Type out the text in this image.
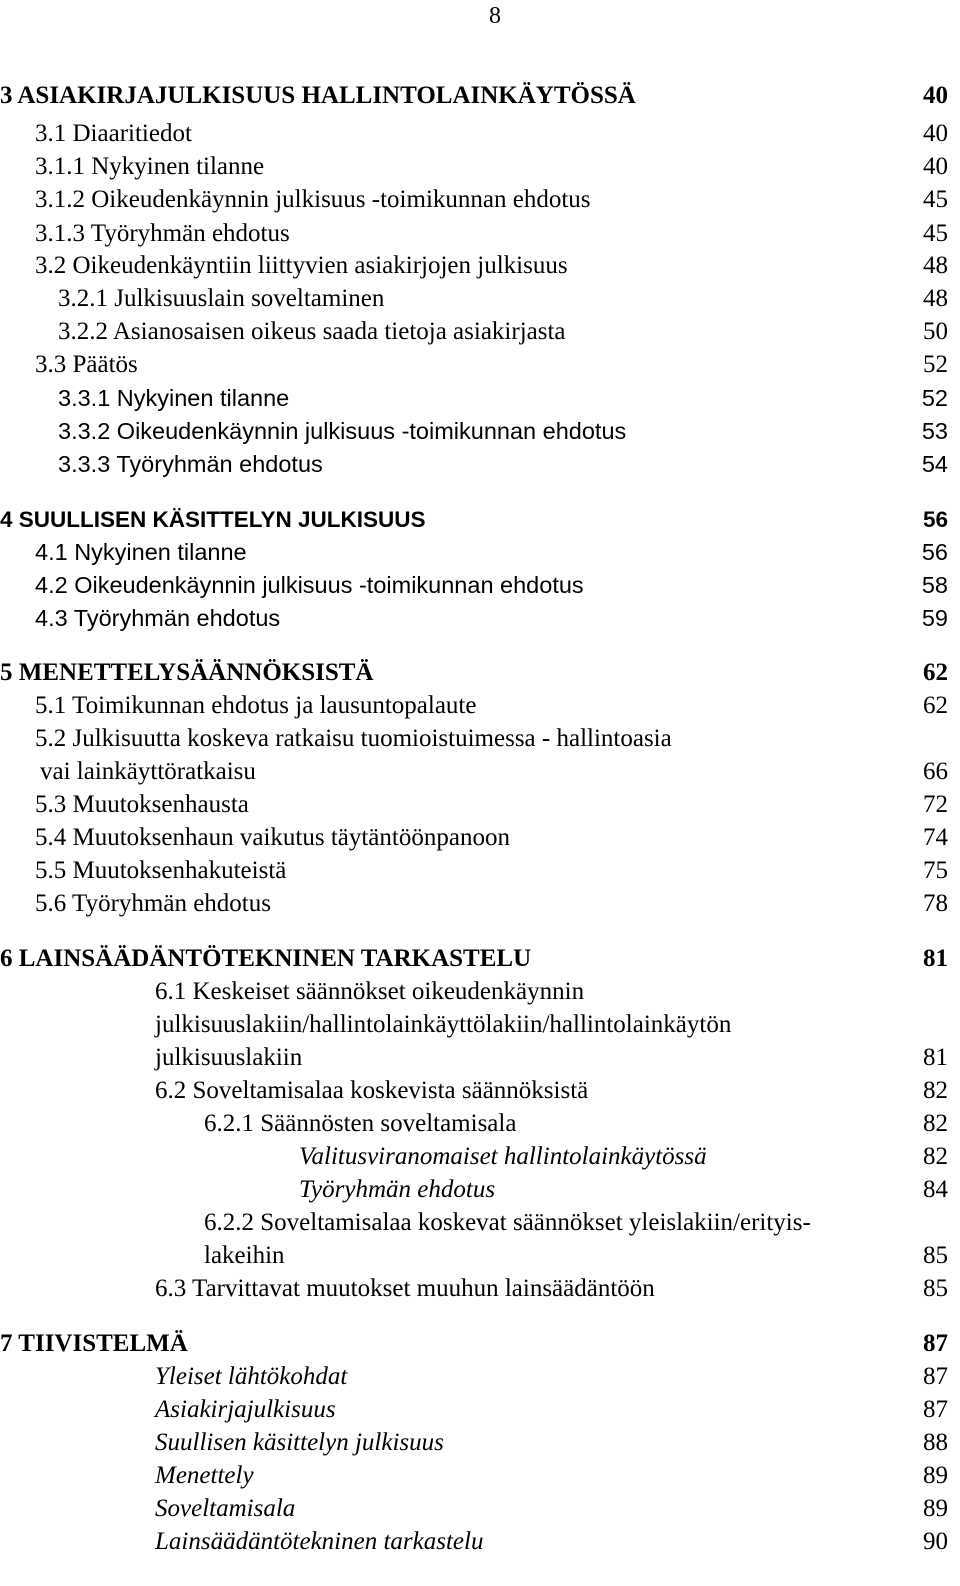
8
3 ASIAKIRJAJULKISUUS HALLINTOLAINKÄYTÖSSÄ	40
3.1 Diaaritiedot	40
3.1.1 Nykyinen tilanne	40
3.1.2 Oikeudenkäynnin julkisuus -toimikunnan ehdotus	45
3.1.3 Työryhmän ehdotus	45
3.2 Oikeudenkäyntiin liittyvien asiakirjojen julkisuus	48
3.2.1 Julkisuuslain soveltaminen	48
3.2.2 Asianosaisen oikeus saada tietoja asiakirjasta	50
3.3 Päätös	52
3.3.1 Nykyinen tilanne	52
3.3.2 Oikeudenkäynnin julkisuus -toimikunnan ehdotus	53
3.3.3 Työryhmän ehdotus	54
4 SUULLISEN KÄSITTELYN JULKISUUS	56
4.1 Nykyinen tilanne	56
4.2 Oikeudenkäynnin julkisuus -toimikunnan ehdotus	58
4.3 Työryhmän ehdotus	59
5 MENETTELYSÄÄNNÖKSISTÄ	62
5.1 Toimikunnan ehdotus ja lausuntopalaute	62
5.2 Julkisuutta koskeva ratkaisu tuomioistuimessa - hallintoasia
vai lainkäyttöratkaisu	66
5.3 Muutoksenhausta	72
5.4 Muutoksenhaun vaikutus täytäntöönpanoon	74
5.5 Muutoksenhakuteistä	75
5.6 Työryhmän ehdotus	78
6 LAINSÄÄDÄNTÖTEKNINEN TARKASTELU	81
6.1 Keskeiset säännökset oikeudenkäynnin
julkisuuslakiin/hallintolainkäyttölakiin/hallintolainkäytön
julkisuuslakiin	81
6.2 Soveltamisalaa koskevista säännöksistä	82
6.2.1 Säännösten soveltamisala	82
Valitusviranomaiset hallintolainkäytössä	82
Työryhmän ehdotus	84
6.2.2 Soveltamisalaa koskevat säännökset yleislakiin/erityis-
lakeihin	85
6.3 Tarvittavat muutokset muuhun lainsäädäntöön	85
7 TIIVISTELMÄ	87
Yleiset lähtökohdat	87
Asiakirjajulkisuus	87
Suullisen käsittelyn julkisuus	88
Menettely	89
Soveltamisala	89
Lainsäädäntötekninen tarkastelu	90
